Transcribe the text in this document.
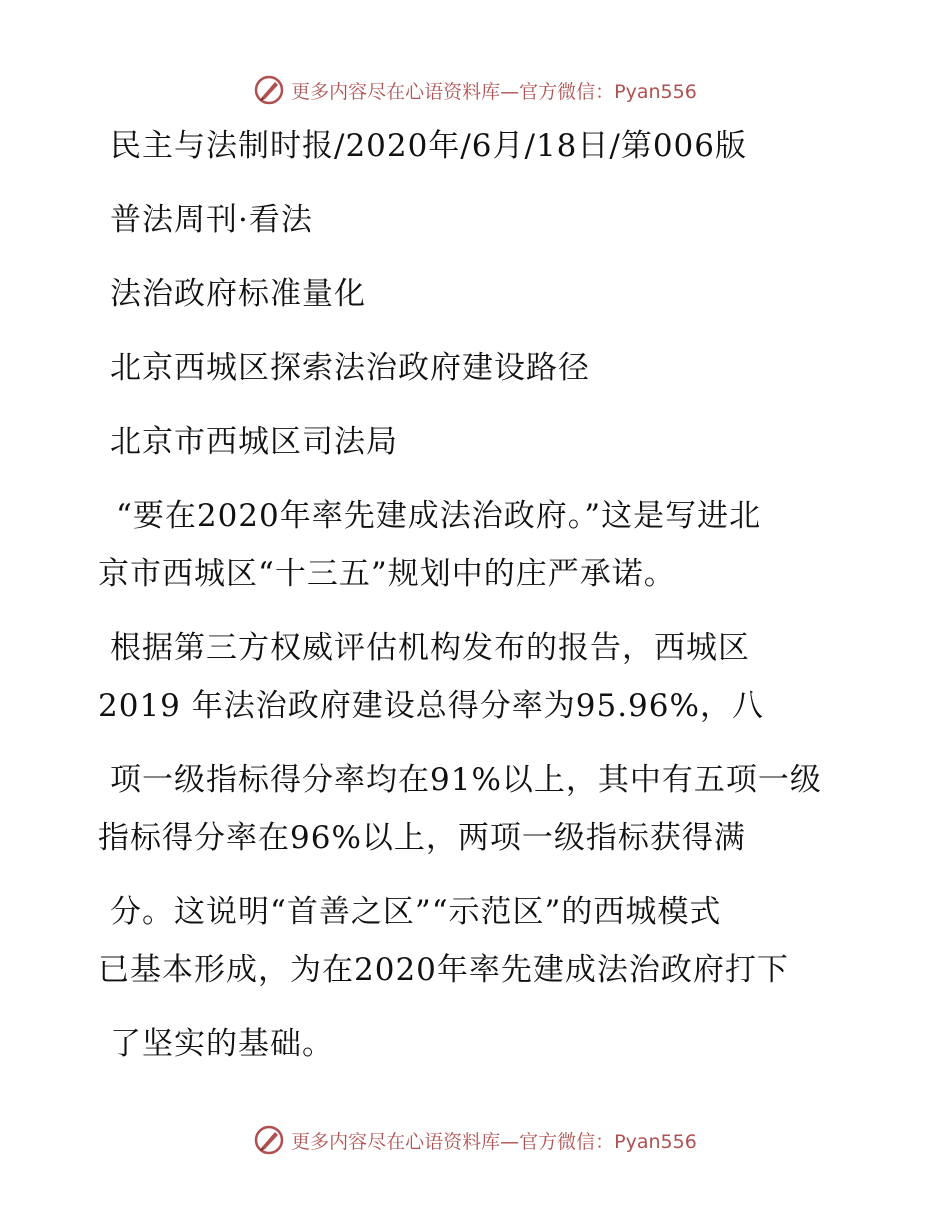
更多内容尽在心语资料库—官方微信：Pyan556
民主与法制时报/2020年/6月/18日/第006版
普法周刊·看法
法治政府标准量化
北京西城区探索法治政府建设路径
北京市西城区司法局
“要在2020年率先建成法治政府。”这是写进北
京市西城区“十三五”规划中的庄严承诺。
根据第三方权威评估机构发布的报告，西城区
2019 年法治政府建设总得分率为95.96%，八
项一级指标得分率均在91%以上，其中有五项一级
指标得分率在96%以上，两项一级指标获得满
分。这说明“首善之区”“示范区”的西城模式
已基本形成，为在2020年率先建成法治政府打下
了坚实的基础。
更多内容尽在心语资料库—官方微信：Pyan556
